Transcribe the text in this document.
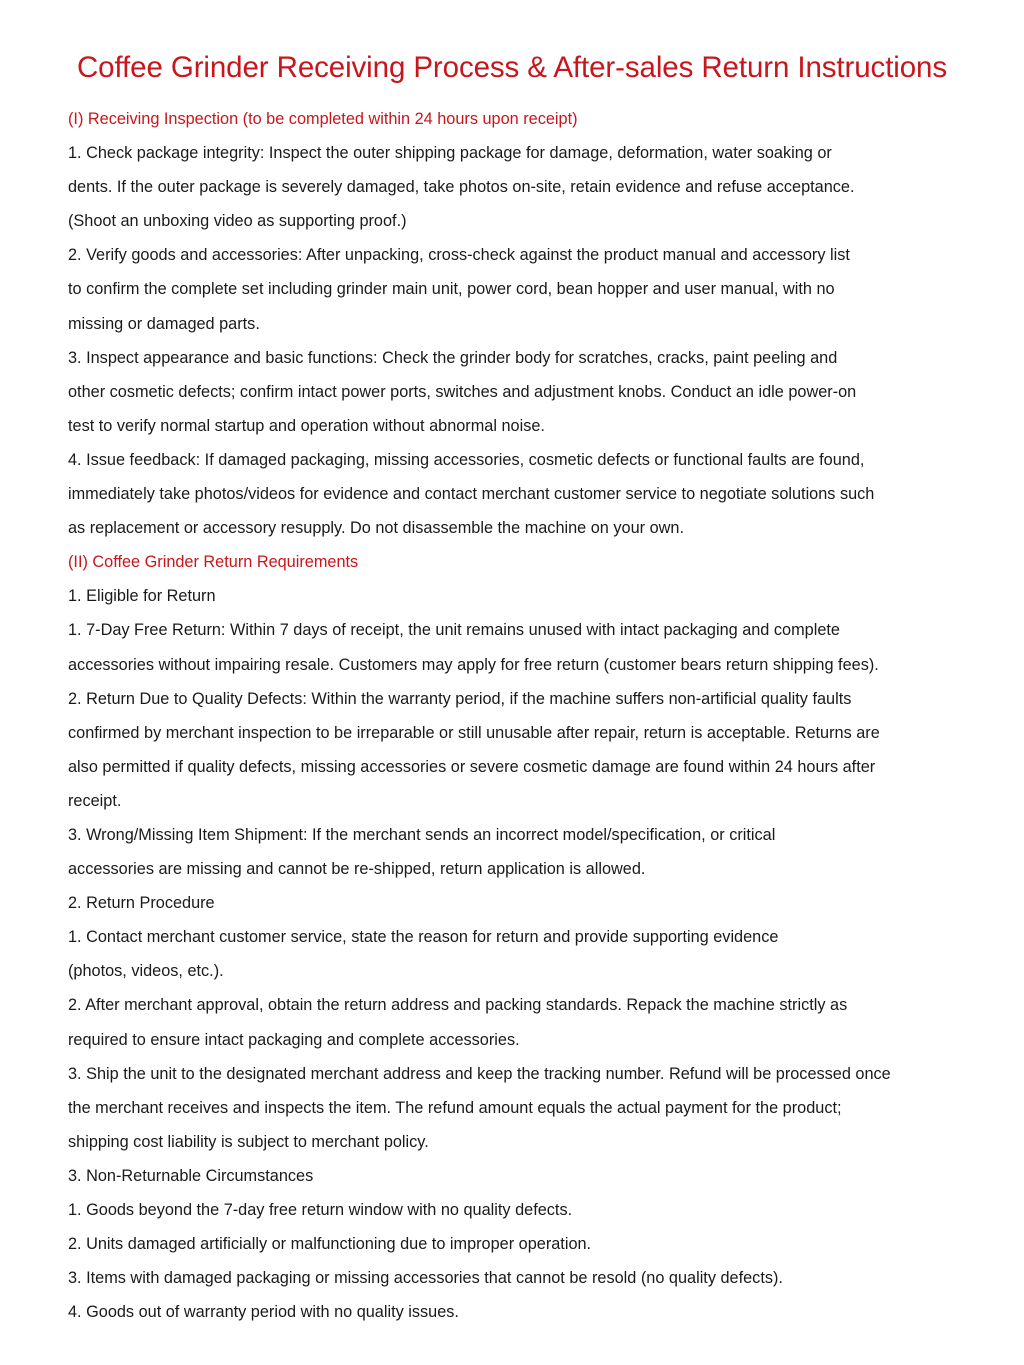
Coffee Grinder Receiving Process & After-sales Return Instructions
(I) Receiving Inspection (to be completed within 24 hours upon receipt)
1. Check package integrity: Inspect the outer shipping package for damage, deformation, water soaking or
dents. If the outer package is severely damaged, take photos on-site, retain evidence and refuse acceptance.
(Shoot an unboxing video as supporting proof.)
2. Verify goods and accessories: After unpacking, cross-check against the product manual and accessory list
to confirm the complete set including grinder main unit, power cord, bean hopper and user manual, with no
missing or damaged parts.
3. Inspect appearance and basic functions: Check the grinder body for scratches, cracks, paint peeling and
other cosmetic defects; confirm intact power ports, switches and adjustment knobs. Conduct an idle power-on
test to verify normal startup and operation without abnormal noise.
4. Issue feedback: If damaged packaging, missing accessories, cosmetic defects or functional faults are found,
immediately take photos/videos for evidence and contact merchant customer service to negotiate solutions such
as replacement or accessory resupply. Do not disassemble the machine on your own.
(II) Coffee Grinder Return Requirements
1. Eligible for Return
1. 7-Day Free Return: Within 7 days of receipt, the unit remains unused with intact packaging and complete
accessories without impairing resale. Customers may apply for free return (customer bears return shipping fees).
2. Return Due to Quality Defects: Within the warranty period, if the machine suffers non-artificial quality faults
confirmed by merchant inspection to be irreparable or still unusable after repair, return is acceptable. Returns are
also permitted if quality defects, missing accessories or severe cosmetic damage are found within 24 hours after
receipt.
3. Wrong/Missing Item Shipment: If the merchant sends an incorrect model/specification, or critical
accessories are missing and cannot be re-shipped, return application is allowed.
2. Return Procedure
1. Contact merchant customer service, state the reason for return and provide supporting evidence
(photos, videos, etc.).
2. After merchant approval, obtain the return address and packing standards. Repack the machine strictly as
required to ensure intact packaging and complete accessories.
3. Ship the unit to the designated merchant address and keep the tracking number. Refund will be processed once
the merchant receives and inspects the item. The refund amount equals the actual payment for the product;
shipping cost liability is subject to merchant policy.
3. Non-Returnable Circumstances
1. Goods beyond the 7-day free return window with no quality defects.
2. Units damaged artificially or malfunctioning due to improper operation.
3. Items with damaged packaging or missing accessories that cannot be resold (no quality defects).
4. Goods out of warranty period with no quality issues.
